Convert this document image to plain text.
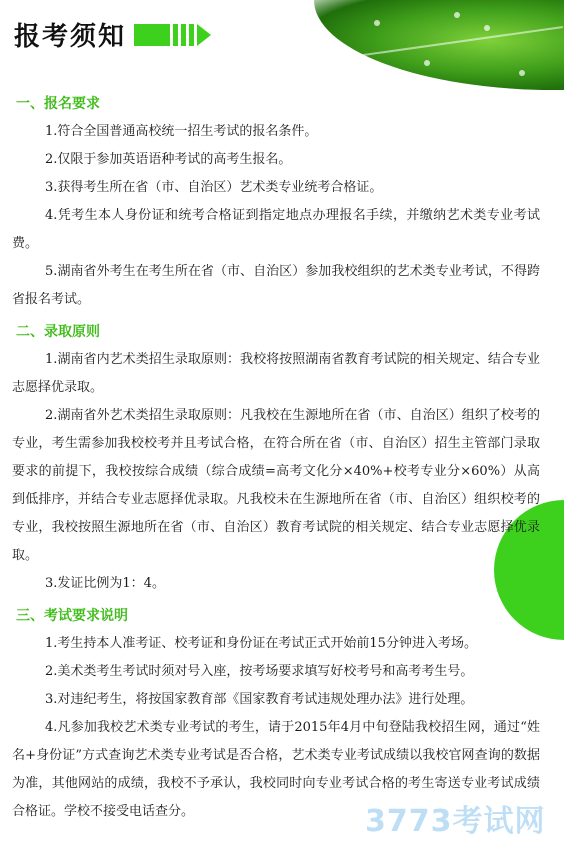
报考须知
一、报名要求

1.符合全国普通高校统一招生考试的报名条件。

2.仅限于参加英语语种考试的高考生报名。

3.获得考生所在省（市、自治区）艺术类专业统考合格证。

4.凭考生本人身份证和统考合格证到指定地点办理报名手续，并缴纳艺术类专业考试费。

5.湖南省外考生在考生所在省（市、自治区）参加我校组织的艺术类专业考试，不得跨省报名考试。

二、录取原则

1.湖南省内艺术类招生录取原则：我校将按照湖南省教育考试院的相关规定、结合专业志愿择优录取。

2.湖南省外艺术类招生录取原则：凡我校在生源地所在省（市、自治区）组织了校考的专业，考生需参加我校校考并且考试合格，在符合所在省（市、自治区）招生主管部门录取要求的前提下，我校按综合成绩（综合成绩=高考文化分×40%+校考专业分×60%）从高到低排序，并结合专业志愿择优录取。凡我校未在生源地所在省（市、自治区）组织校考的专业，我校按照生源地所在省（市、自治区）教育考试院的相关规定、结合专业志愿择优录取。

3.发证比例为1：4。

三、考试要求说明

1.考生持本人准考证、校考证和身份证在考试正式开始前15分钟进入考场。

2.美术类考生考试时须对号入座，按考场要求填写好校考号和高考考生号。

3.对违纪考生，将按国家教育部《国家教育考试违规处理办法》进行处理。

4.凡参加我校艺术类专业考试的考生，请于2015年4月中旬登陆我校招生网，通过“姓名+身份证”方式查询艺术类专业考试是否合格，艺术类专业考试成绩以我校官网查询的数据为准，其他网站的成绩，我校不予承认，我校同时向专业考试合格的考生寄送专业考试成绩合格证。学校不接受电话查分。	3773考试网
